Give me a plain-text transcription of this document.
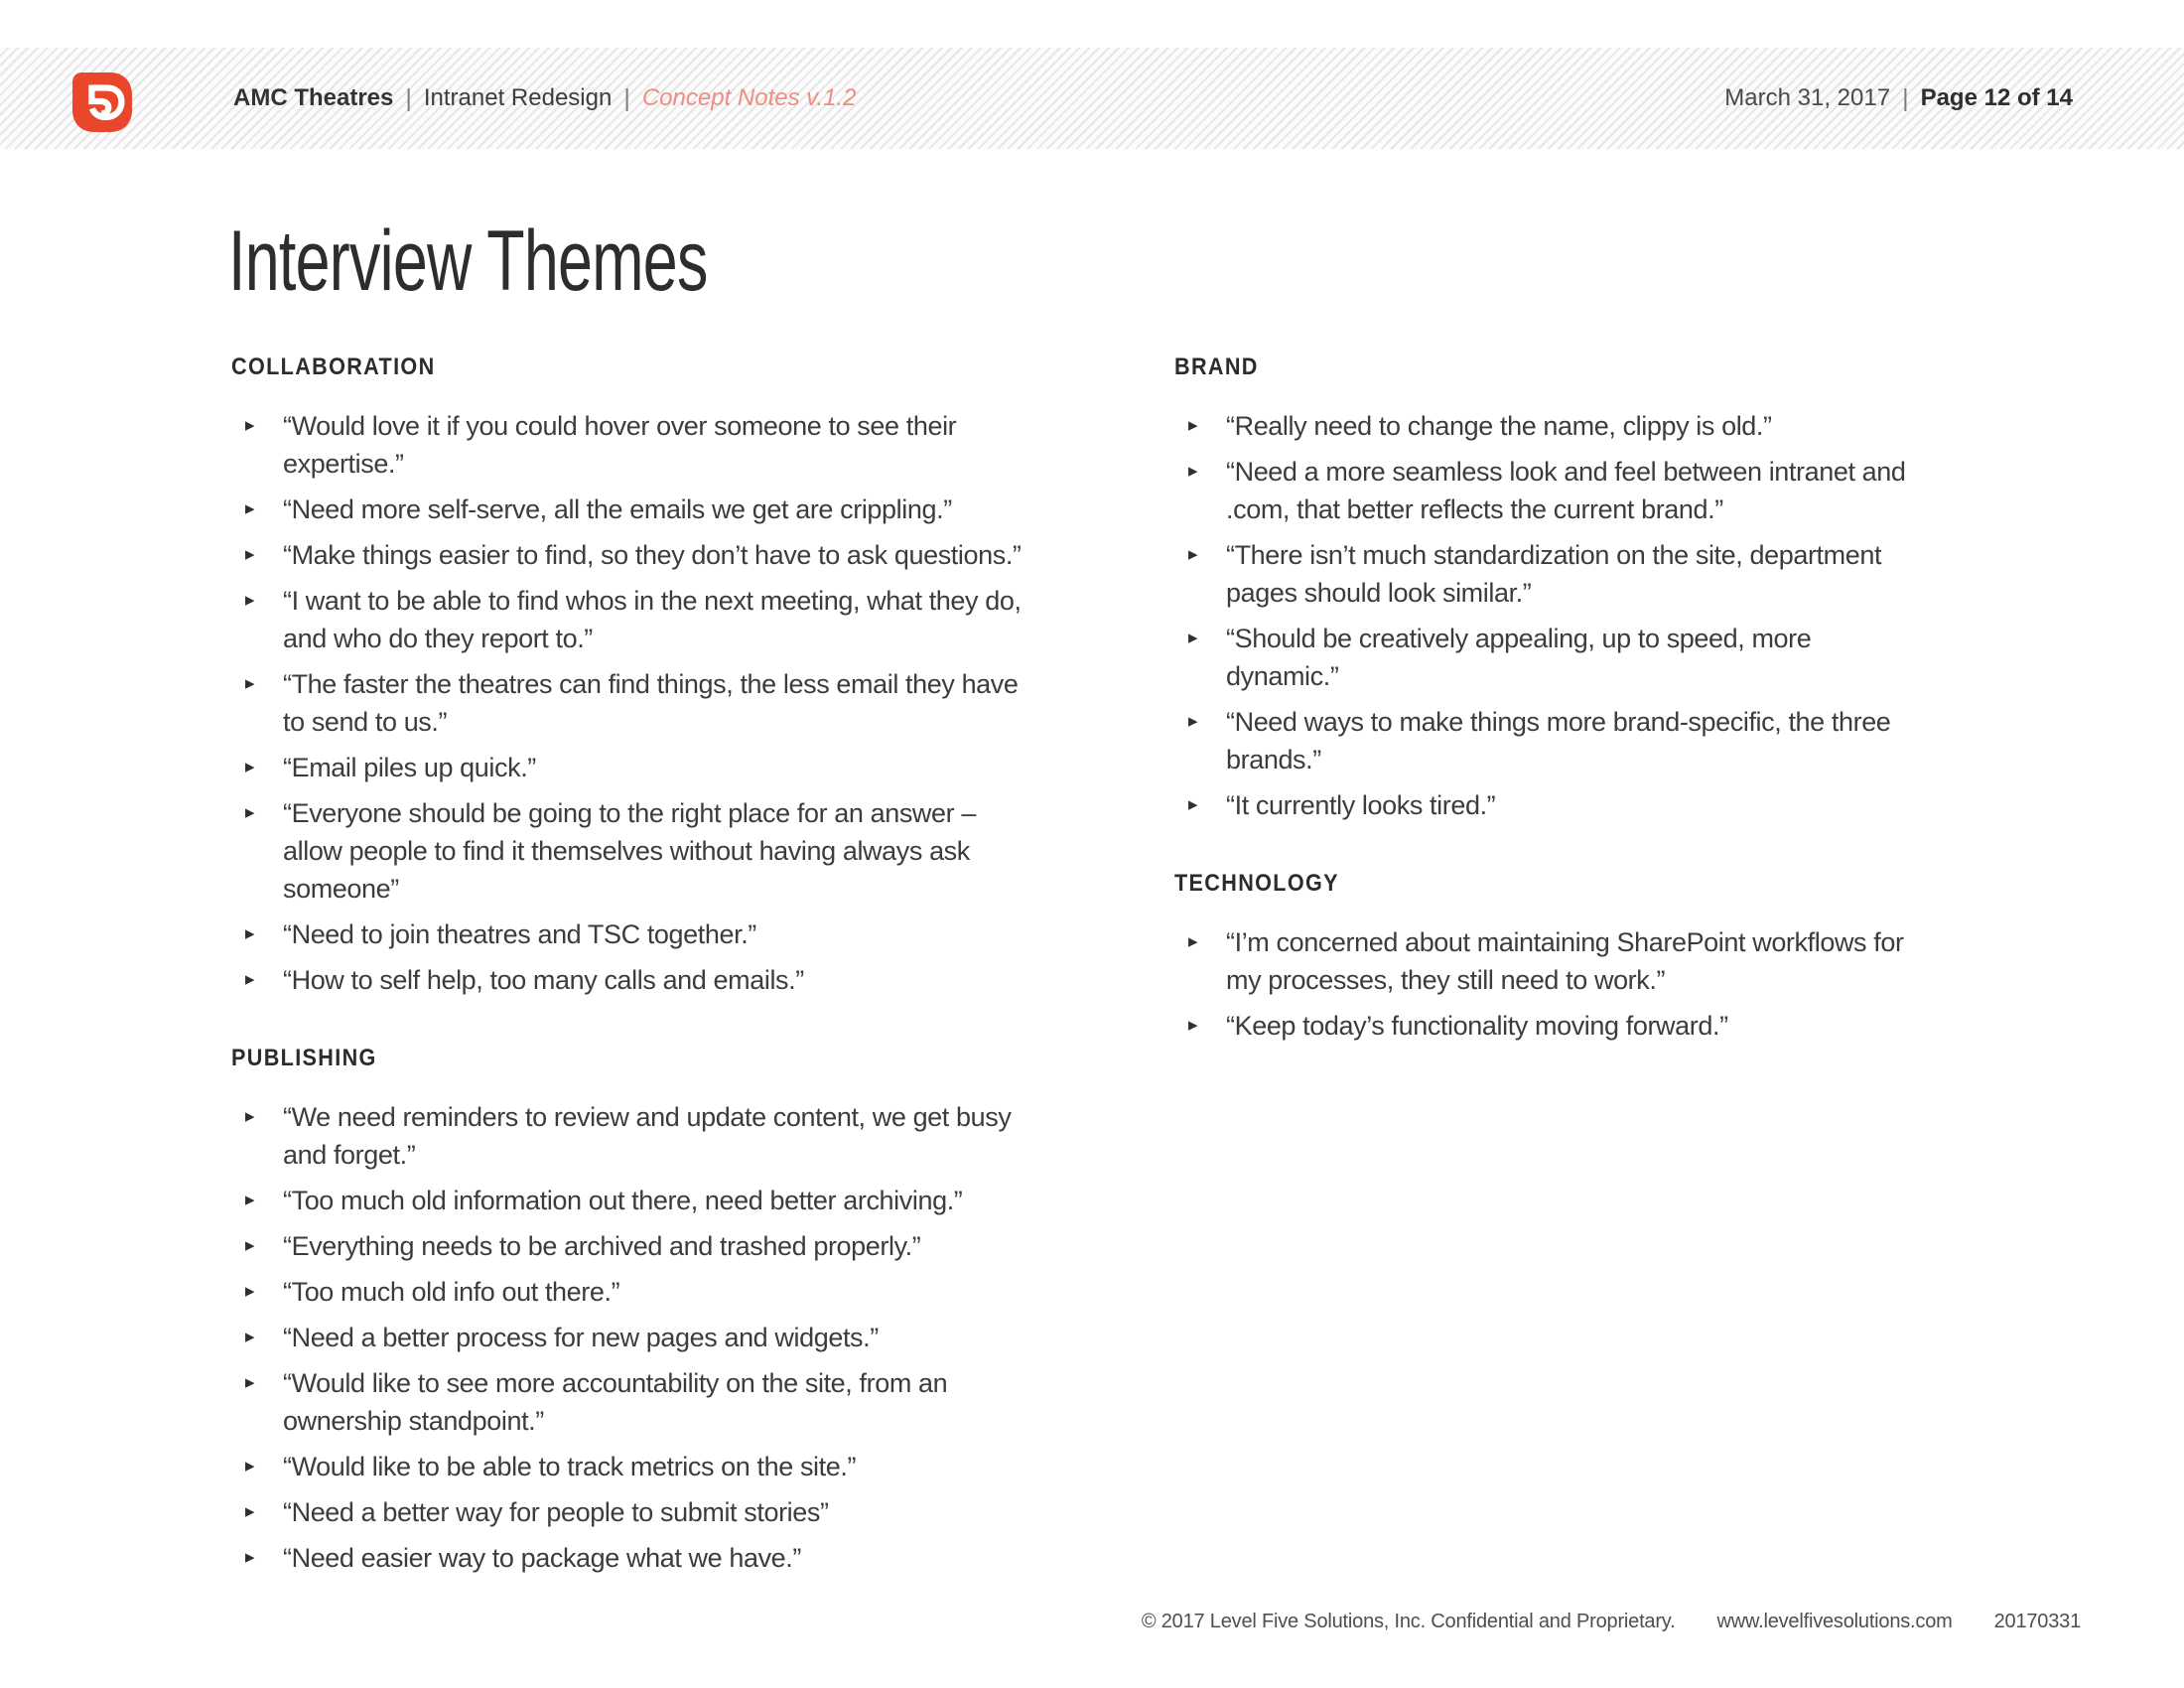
AMC Theatres | Intranet Redesign | Concept Notes v.1.2	March 31, 2017 | Page 12 of 14
Interview Themes
COLLABORATION
▸ “Would love it if you could hover over someone to see their expertise.”
▸ “Need more self-serve, all the emails we get are crippling.”
▸ “Make things easier to find, so they don’t have to ask questions.”
▸ “I want to be able to find whos in the next meeting, what they do, and who do they report to.”
▸ “The faster the theatres can find things, the less email they have to send to us.”
▸ “Email piles up quick.”
▸ “Everyone should be going to the right place for an answer – allow people to find it themselves without having always ask someone”
▸ “Need to join theatres and TSC together.”
▸ “How to self help, too many calls and emails.”
PUBLISHING
▸ “We need reminders to review and update content, we get busy and forget.”
▸ “Too much old information out there, need better archiving.”
▸ “Everything needs to be archived and trashed properly.”
▸ “Too much old info out there.”
▸ “Need a better process for new pages and widgets.”
▸ “Would like to see more accountability on the site, from an ownership standpoint.”
▸ “Would like to be able to track metrics on the site.”
▸ “Need a better way for people to submit stories”
▸ “Need easier way to package what we have.”
BRAND
▸ “Really need to change the name, clippy is old.”
▸ “Need a more seamless look and feel between intranet and .com, that better reflects the current brand.”
▸ “There isn’t much standardization on the site, department pages should look similar.”
▸ “Should be creatively appealing, up to speed, more dynamic.”
▸ “Need ways to make things more brand-specific, the three brands.”
▸ “It currently looks tired.”
TECHNOLOGY
▸ “I’m concerned about maintaining SharePoint workflows for my processes, they still need to work.”
▸ “Keep today’s functionality moving forward.”
© 2017 Level Five Solutions, Inc. Confidential and Proprietary. www.levelfivesolutions.com 20170331
